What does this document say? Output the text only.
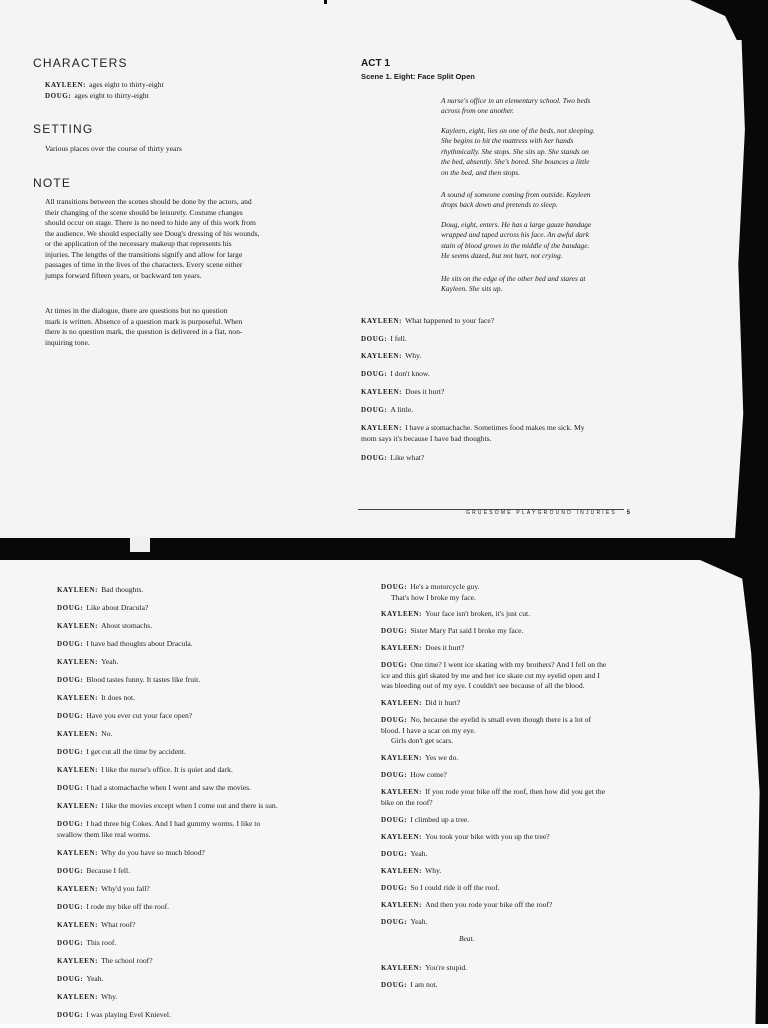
CHARACTERS
KAYLEEN: ages eight to thirty-eight
DOUG: ages eight to thirty-eight
SETTING
Various places over the course of thirty years
NOTE
All transitions between the scenes should be done by the actors, and
their changing of the scene should be leisurely. Costume changes
should occur on stage. There is no need to hide any of this work from
the audience. We should especially see Doug's dressing of his wounds,
or the application of the necessary makeup that represents his
injuries. The lengths of the transitions signify and allow for large
passages of time in the lives of the characters. Every scene either
jumps forward fifteen years, or backward ten years.
At times in the dialogue, there are questions but no question
mark is written. Absence of a question mark is purposeful. When
there is no question mark, the question is delivered in a flat, non-
inquiring tone.
ACT 1
Scene 1. Eight: Face Split Open
A nurse's office in an elementary school. Two beds
across from one another.
Kayleen, eight, lies on one of the beds, not sleeping.
She begins to hit the mattress with her hands
rhythmically. She stops. She sits up. She stands on
the bed, absently. She's bored. She bounces a little
on the bed, and then stops.
A sound of someone coming from outside. Kayleen
drops back down and pretends to sleep.
Doug, eight, enters. He has a large gauze bandage
wrapped and taped across his face. An awful dark
stain of blood grows in the middle of the bandage.
He seems dazed, but not hurt, not crying.
He sits on the edge of the other bed and stares at
Kayleen. She sits up.
KAYLEEN: What happened to your face?
DOUG: I fell.
KAYLEEN: Why.
DOUG: I don't know.
KAYLEEN: Does it hurt?
DOUG: A little.
KAYLEEN: I have a stomachache. Sometimes food makes me sick. My
mom says it's because I have bad thoughts.
DOUG: Like what?
GRUESOME PLAYGROUND INJURIES 5
KAYLEEN: Bad thoughts.
DOUG: Like about Dracula?
KAYLEEN: About stomachs.
DOUG: I have bad thoughts about Dracula.
KAYLEEN: Yeah.
DOUG: Blood tastes funny. It tastes like fruit.
KAYLEEN: It does not.
DOUG: Have you ever cut your face open?
KAYLEEN: No.
DOUG: I get cut all the time by accident.
KAYLEEN: I like the nurse's office. It is quiet and dark.
DOUG: I had a stomachache when I went and saw the movies.
KAYLEEN: I like the movies except when I come out and there is sun.
DOUG: I had three big Cokes. And I had gummy worms. I like to
swallow them like real worms.
KAYLEEN: Why do you have so much blood?
DOUG: Because I fell.
KAYLEEN: Why'd you fall?
DOUG: I rode my bike off the roof.
KAYLEEN: What roof?
DOUG: This roof.
KAYLEEN: The school roof?
DOUG: Yeah.
KAYLEEN: Why.
DOUG: I was playing Evel Knievel.
DOUG: He's a motorcycle guy.
That's how I broke my face.
KAYLEEN: Your face isn't broken, it's just cut.
DOUG: Sister Mary Pat said I broke my face.
KAYLEEN: Does it hurt?
DOUG: One time? I went ice skating with my brothers? And I fell on the
ice and this girl skated by me and her ice skate cut my eyelid open and I
was bleeding out of my eye. I couldn't see because of all the blood.
KAYLEEN: Did it hurt?
DOUG: No, because the eyelid is small even though there is a lot of
blood. I have a scar on my eye.
Girls don't get scars.
KAYLEEN: Yes we do.
DOUG: How come?
KAYLEEN: If you rode your bike off the roof, then how did you get the
bike on the roof?
DOUG: I climbed up a tree.
KAYLEEN: You took your bike with you up the tree?
DOUG: Yeah.
KAYLEEN: Why.
DOUG: So I could ride it off the roof.
KAYLEEN: And then you rode your bike off the roof?
DOUG: Yeah.
Beat.
KAYLEEN: You're stupid.
DOUG: I am not.
